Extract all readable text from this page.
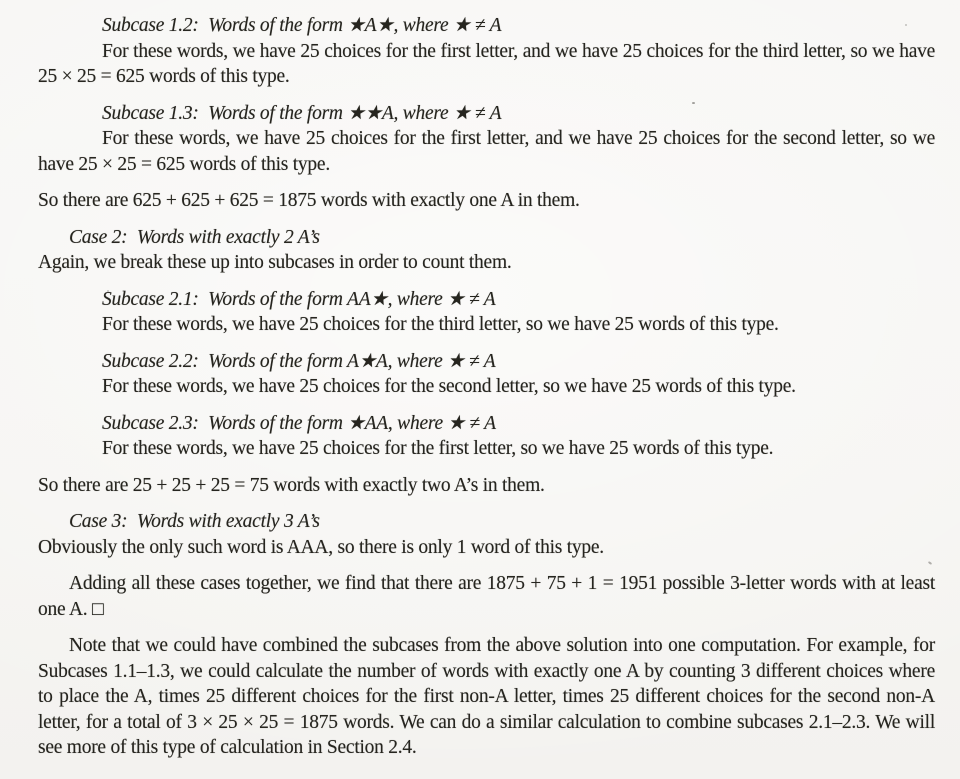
Subcase 1.2: Words of the form ★A★, where ★ ≠ A

For these words, we have 25 choices for the first letter, and we have 25 choices for the third letter, so we have 25 × 25 = 625 words of this type.

Subcase 1.3: Words of the form ★★A, where ★ ≠ A

For these words, we have 25 choices for the first letter, and we have 25 choices for the second letter, so we have 25 × 25 = 625 words of this type.

So there are 625 + 625 + 625 = 1875 words with exactly one A in them.

Case 2: Words with exactly 2 A’s

Again, we break these up into subcases in order to count them.

Subcase 2.1: Words of the form AA★, where ★ ≠ A

For these words, we have 25 choices for the third letter, so we have 25 words of this type.

Subcase 2.2: Words of the form A★A, where ★ ≠ A

For these words, we have 25 choices for the second letter, so we have 25 words of this type.

Subcase 2.3: Words of the form ★AA, where ★ ≠ A

For these words, we have 25 choices for the first letter, so we have 25 words of this type.

So there are 25 + 25 + 25 = 75 words with exactly two A’s in them.

Case 3: Words with exactly 3 A’s

Obviously the only such word is AAA, so there is only 1 word of this type.

Adding all these cases together, we find that there are 1875 + 75 + 1 = 1951 possible 3-letter words with at least one A. □

Note that we could have combined the subcases from the above solution into one computation. For example, for Subcases 1.1–1.3, we could calculate the number of words with exactly one A by counting 3 different choices where to place the A, times 25 different choices for the first non-A letter, times 25 different choices for the second non-A letter, for a total of 3 × 25 × 25 = 1875 words. We can do a similar calculation to combine subcases 2.1–2.3. We will see more of this type of calculation in Section 2.4.
